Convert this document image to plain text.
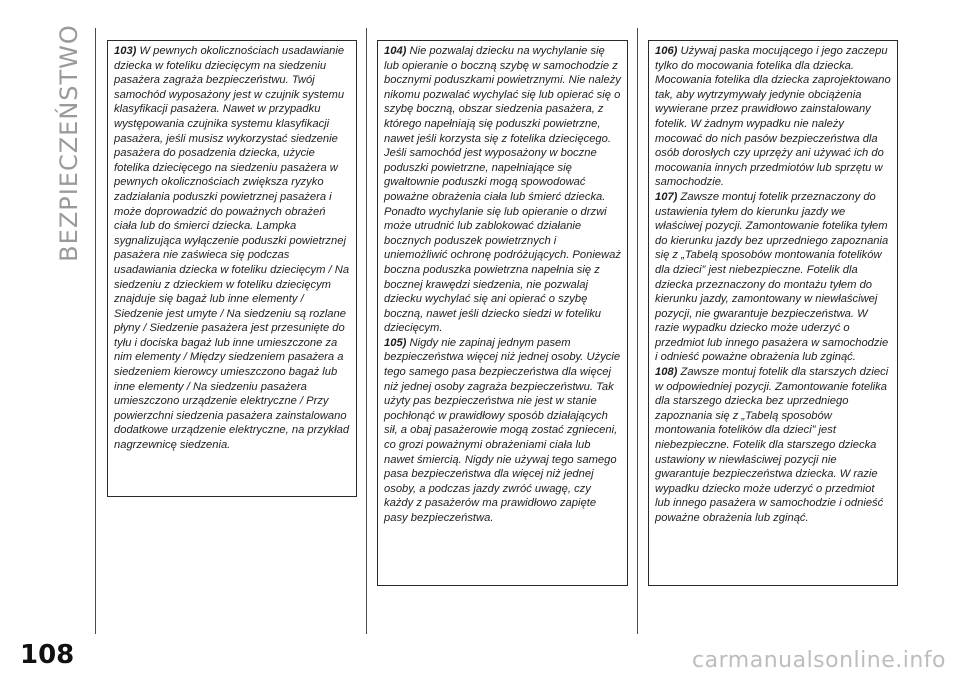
BEZPIECZEŃSTWO	103) W pewnych okolicznościach usadawianie dziecka w foteliku dziecięcym na siedzeniu pasażera zagraża bezpieczeństwu. Twój samochód wyposażony jest w czujnik systemu klasyfikacji pasażera. Nawet w przypadku występowania czujnika systemu klasyfikacji pasażera, jeśli musisz wykorzystać siedzenie pasażera do posadzenia dziecka, użycie fotelika dziecięcego na siedzeniu pasażera w pewnych okolicznościach zwiększa ryzyko zadziałania poduszki powietrznej pasażera i może doprowadzić do poważnych obrażeń ciała lub do śmierci dziecka. Lampka sygnalizująca wyłączenie poduszki powietrznej pasażera nie zaświeca się podczas usadawiania dziecka w foteliku dziecięcym / Na siedzeniu z dzieckiem w foteliku dziecięcym znajduje się bagaż lub inne elementy / Siedzenie jest umyte / Na siedzeniu są rozlane płyny / Siedzenie pasażera jest przesunięte do tyłu i dociska bagaż lub inne umieszczone za nim elementy / Między siedzeniem pasażera a siedzeniem kierowcy umieszczono bagaż lub inne elementy / Na siedzeniu pasażera umieszczono urządzenie elektryczne / Przy powierzchni siedzenia pasażera zainstalowano dodatkowe urządzenie elektryczne, na przykład nagrzewnicę siedzenia.

104) Nie pozwalaj dziecku na wychylanie się lub opieranie o boczną szybę w samochodzie z bocznymi poduszkami powietrznymi. Nie należy nikomu pozwalać wychylać się lub opierać się o szybę boczną, obszar siedzenia pasażera, z którego napełniają się poduszki powietrzne, nawet jeśli korzysta się z fotelika dziecięcego. Jeśli samochód jest wyposażony w boczne poduszki powietrzne, napełniające się gwałtownie poduszki mogą spowodować poważne obrażenia ciała lub śmierć dziecka. Ponadto wychylanie się lub opieranie o drzwi może utrudnić lub zablokować działanie bocznych poduszek powietrznych i uniemożliwić ochronę podróżujących. Ponieważ boczna poduszka powietrzna napełnia się z bocznej krawędzi siedzenia, nie pozwalaj dziecku wychylać się ani opierać o szybę boczną, nawet jeśli dziecko siedzi w foteliku dziecięcym.

105) Nigdy nie zapinaj jednym pasem bezpieczeństwa więcej niż jednej osoby. Użycie tego samego pasa bezpieczeństwa dla więcej niż jednej osoby zagraża bezpieczeństwu. Tak użyty pas bezpieczeństwa nie jest w stanie pochłonąć w prawidłowy sposób działających sił, a obaj pasażerowie mogą zostać zgnieceni, co grozi poważnymi obrażeniami ciała lub nawet śmiercią. Nigdy nie używaj tego samego pasa bezpieczeństwa dla więcej niż jednej osoby, a podczas jazdy zwróć uwagę, czy każdy z pasażerów ma prawidłowo zapięte pasy bezpieczeństwa.

106) Używaj paska mocującego i jego zaczepu tylko do mocowania fotelika dla dziecka. Mocowania fotelika dla dziecka zaprojektowano tak, aby wytrzymywały jedynie obciążenia wywierane przez prawidłowo zainstalowany fotelik. W żadnym wypadku nie należy mocować do nich pasów bezpieczeństwa dla osób dorosłych czy uprzęży ani używać ich do mocowania innych przedmiotów lub sprzętu w samochodzie.

107) Zawsze montuj fotelik przeznaczony do ustawienia tyłem do kierunku jazdy we właściwej pozycji. Zamontowanie fotelika tyłem do kierunku jazdy bez uprzedniego zapoznania się z „Tabelą sposobów montowania fotelików dla dzieci” jest niebezpieczne. Fotelik dla dziecka przeznaczony do montażu tyłem do kierunku jazdy, zamontowany w niewłaściwej pozycji, nie gwarantuje bezpieczeństwa. W razie wypadku dziecko może uderzyć o przedmiot lub innego pasażera w samochodzie i odnieść poważne obrażenia lub zginąć.

108) Zawsze montuj fotelik dla starszych dzieci w odpowiedniej pozycji. Zamontowanie fotelika dla starszego dziecka bez uprzedniego zapoznania się z „Tabelą sposobów montowania fotelików dla dzieci” jest niebezpieczne. Fotelik dla starszego dziecka ustawiony w niewłaściwej pozycji nie gwarantuje bezpieczeństwa dziecka. W razie wypadku dziecko może uderzyć o przedmiot lub innego pasażera w samochodzie i odnieść poważne obrażenia lub zginąć.

108	carmanualsonline.info
